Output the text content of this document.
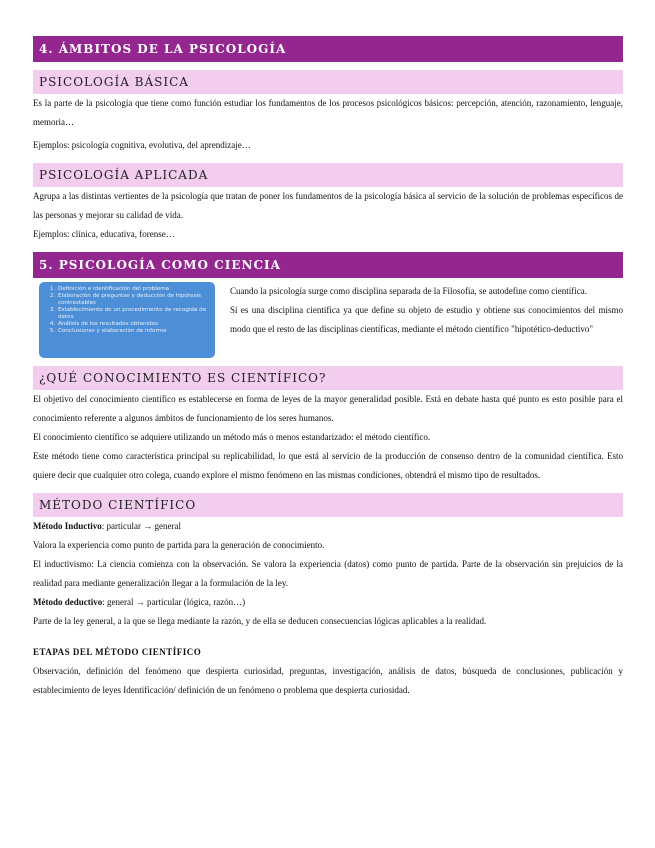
4. ÁMBITOS DE LA PSICOLOGÍA
PSICOLOGÍA BÁSICA

Es la parte de la psicología que tiene como función estudiar los fundamentos de los procesos psicológicos básicos: percepción, atención, razonamiento, lenguaje, memoria…

Ejemplos: psicología cognitiva, evolutiva, del aprendizaje…

PSICOLOGÍA APLICADA

Agrupa a las distintas vertientes de la psicología que tratan de poner los fundamentos de la psicología básica al servicio de la solución de problemas específicos de las personas y mejorar su calidad de vida.

Ejemplos: clínica, educativa, forense…

5. PSICOLOGÍA COMO CIENCIA
1. Definición e identificación del problema
2. Elaboración de preguntas y deducción de hipótesis contrastables
3. Establecimiento de un procedimiento de recogida de datos
4. Análisis de los resultados obtenidos
5. Conclusiones y elaboración de informe

Cuando la psicología surge como disciplina separada de la Filosofía, se autodefine como científica.

Sí es una disciplina científica ya que define su objeto de estudio y obtiene sus conocimientos del mismo modo que el resto de las disciplinas científicas, mediante el método científico "hipotético-deductivo"

¿QUÉ CONOCIMIENTO ES CIENTÍFICO?

El objetivo del conocimiento científico es establecerse en forma de leyes de la mayor generalidad posible. Está en debate hasta qué punto es esto posible para el conocimiento referente a algunos ámbitos de funcionamiento de los seres humanos.

El conocimiento científico se adquiere utilizando un método más o menos estandarizado: el método científico.

Este método tiene como característica principal su replicabilidad, lo que está al servicio de la producción de consenso dentro de la comunidad científica. Esto quiere decir que cualquier otro colega, cuando explore el mismo fenómeno en las mismas condiciones, obtendrá el mismo tipo de resultados.

MÉTODO CIENTÍFICO

Método Inductivo: particular → general

Valora la experiencia como punto de partida para la generación de conocimiento.

El inductivismo: La ciencia comienza con la observación. Se valora la experiencia (datos) como punto de partida. Parte de la observación sin prejuicios de la realidad para mediante generalización llegar a la formulación de la ley.

Método deductivo: general → particular (lógica, razón…)

Parte de la ley general, a la que se llega mediante la razón, y de ella se deducen consecuencias lógicas aplicables a la realidad.

ETAPAS DEL MÉTODO CIENTÍFICO

Observación, definición del fenómeno que despierta curiosidad, preguntas, investigación, análisis de datos, búsqueda de conclusiones, publicación y establecimiento de leyes Identificación/ definición de un fenómeno o problema que despierta curiosidad.
